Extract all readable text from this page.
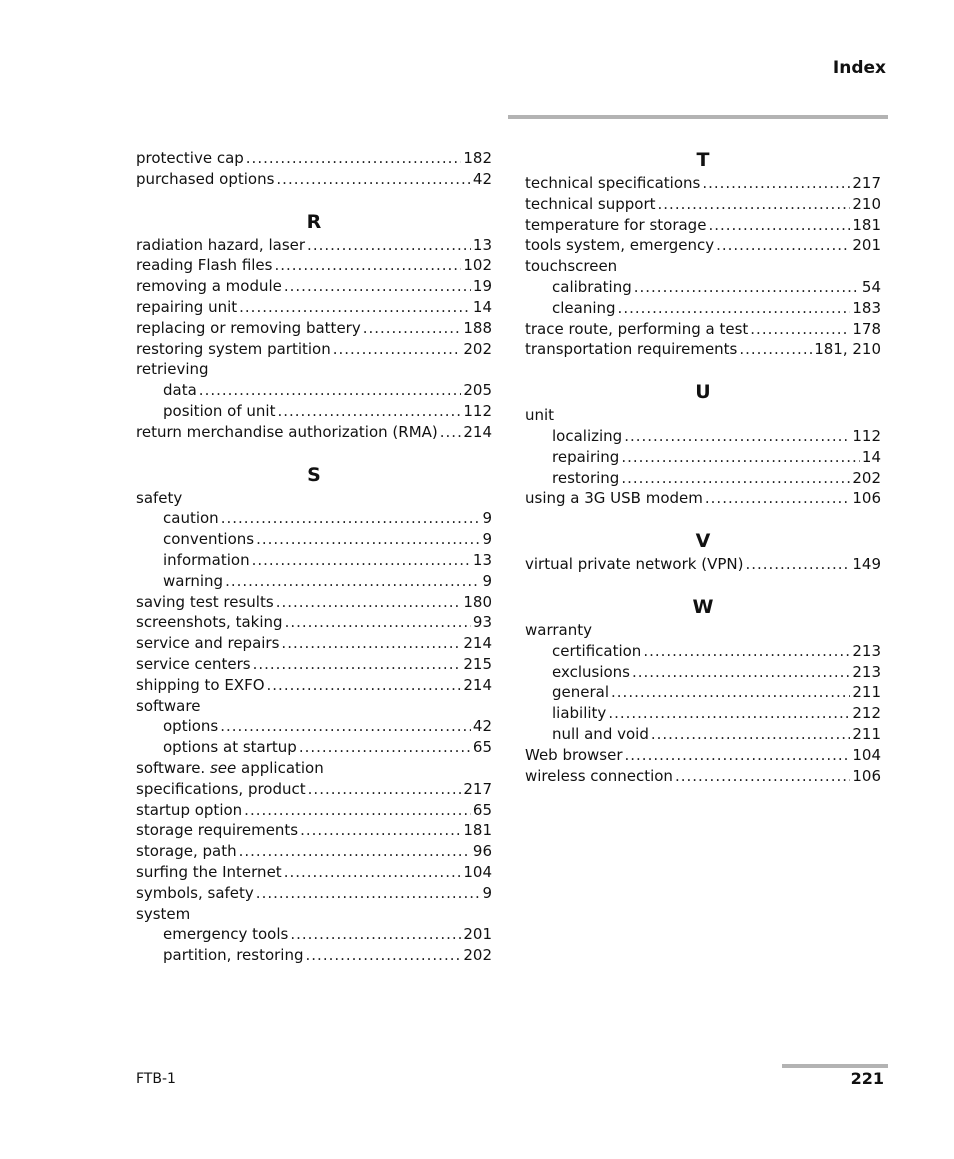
Index
protective cap .....	182
purchased options .....	42
R
radiation hazard, laser .....	13
reading Flash files .....	102
removing a module .....	19
repairing unit .....	14
replacing or removing battery .....	188
restoring system partition .....	202
retrieving
data .....	205
position of unit .....	112
return merchandise authorization (RMA) ..... 214
S
safety
caution .....	9
conventions .....	9
information .....	13
warning .....	9
saving test results .....	180
screenshots, taking .....	93
service and repairs .....	214
service centers .....	215
shipping to EXFO .....	214
software
options .....	42
options at startup .....	65
software. see application
specifications, product .....	217
startup option .....	65
storage requirements .....	181
storage, path .....	96
surfing the Internet .....	104
symbols, safety .....	9
system
emergency tools .....	201
partition, restoring .....	202
T
technical specifications .....	217
technical support .....	210
temperature for storage .....	181
tools system, emergency .....	201
touchscreen
calibrating .....	54
cleaning .....	183
trace route, performing a test .....	178
transportation requirements .....	181, 210
U
unit
localizing .....	112
repairing .....	14
restoring .....	202
using a 3G USB modem .....	106
V
virtual private network (VPN) .....	149
W
warranty
certification .....	213
exclusions .....	213
general .....	211
liability .....	212
null and void .....	211
Web browser .....	104
wireless connection .....	106
FTB-1	221
